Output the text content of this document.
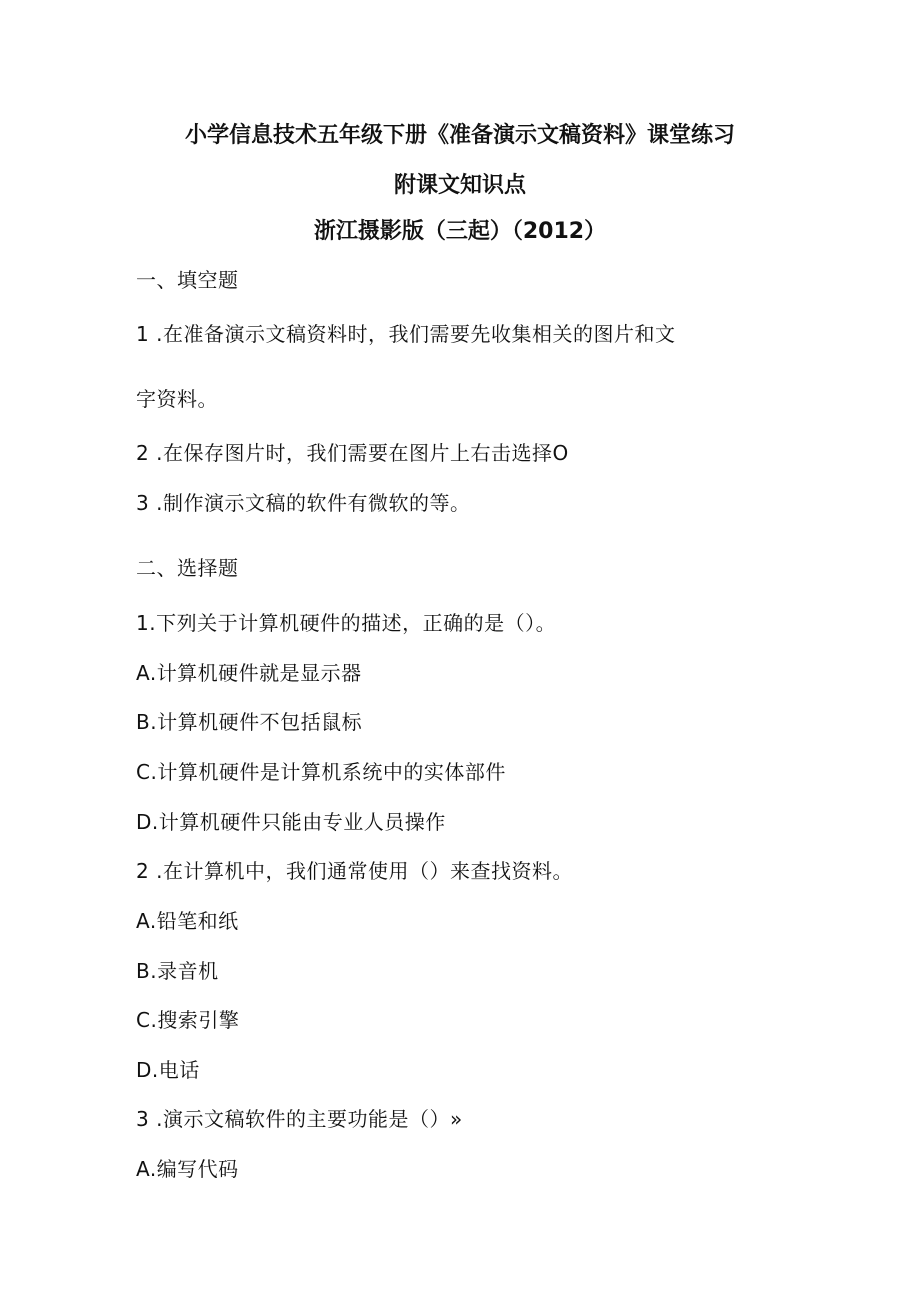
小学信息技术五年级下册《准备演示文稿资料》课堂练习
附课文知识点
浙江摄影版（三起）（2012）
一、填空题
1 .在准备演示文稿资料时，我们需要先收集相关的图片和文
字资料。
2 .在保存图片时，我们需要在图片上右击选择O
3 .制作演示文稿的软件有微软的等。
二、选择题
1.下列关于计算机硬件的描述，正确的是（）。
A.计算机硬件就是显示器
B.计算机硬件不包括鼠标
C.计算机硬件是计算机系统中的实体部件
D.计算机硬件只能由专业人员操作
2 .在计算机中，我们通常使用（）来查找资料。
A.铅笔和纸
B.录音机
C.搜索引擎
D.电话
3 .演示文稿软件的主要功能是（）»
A.编写代码
